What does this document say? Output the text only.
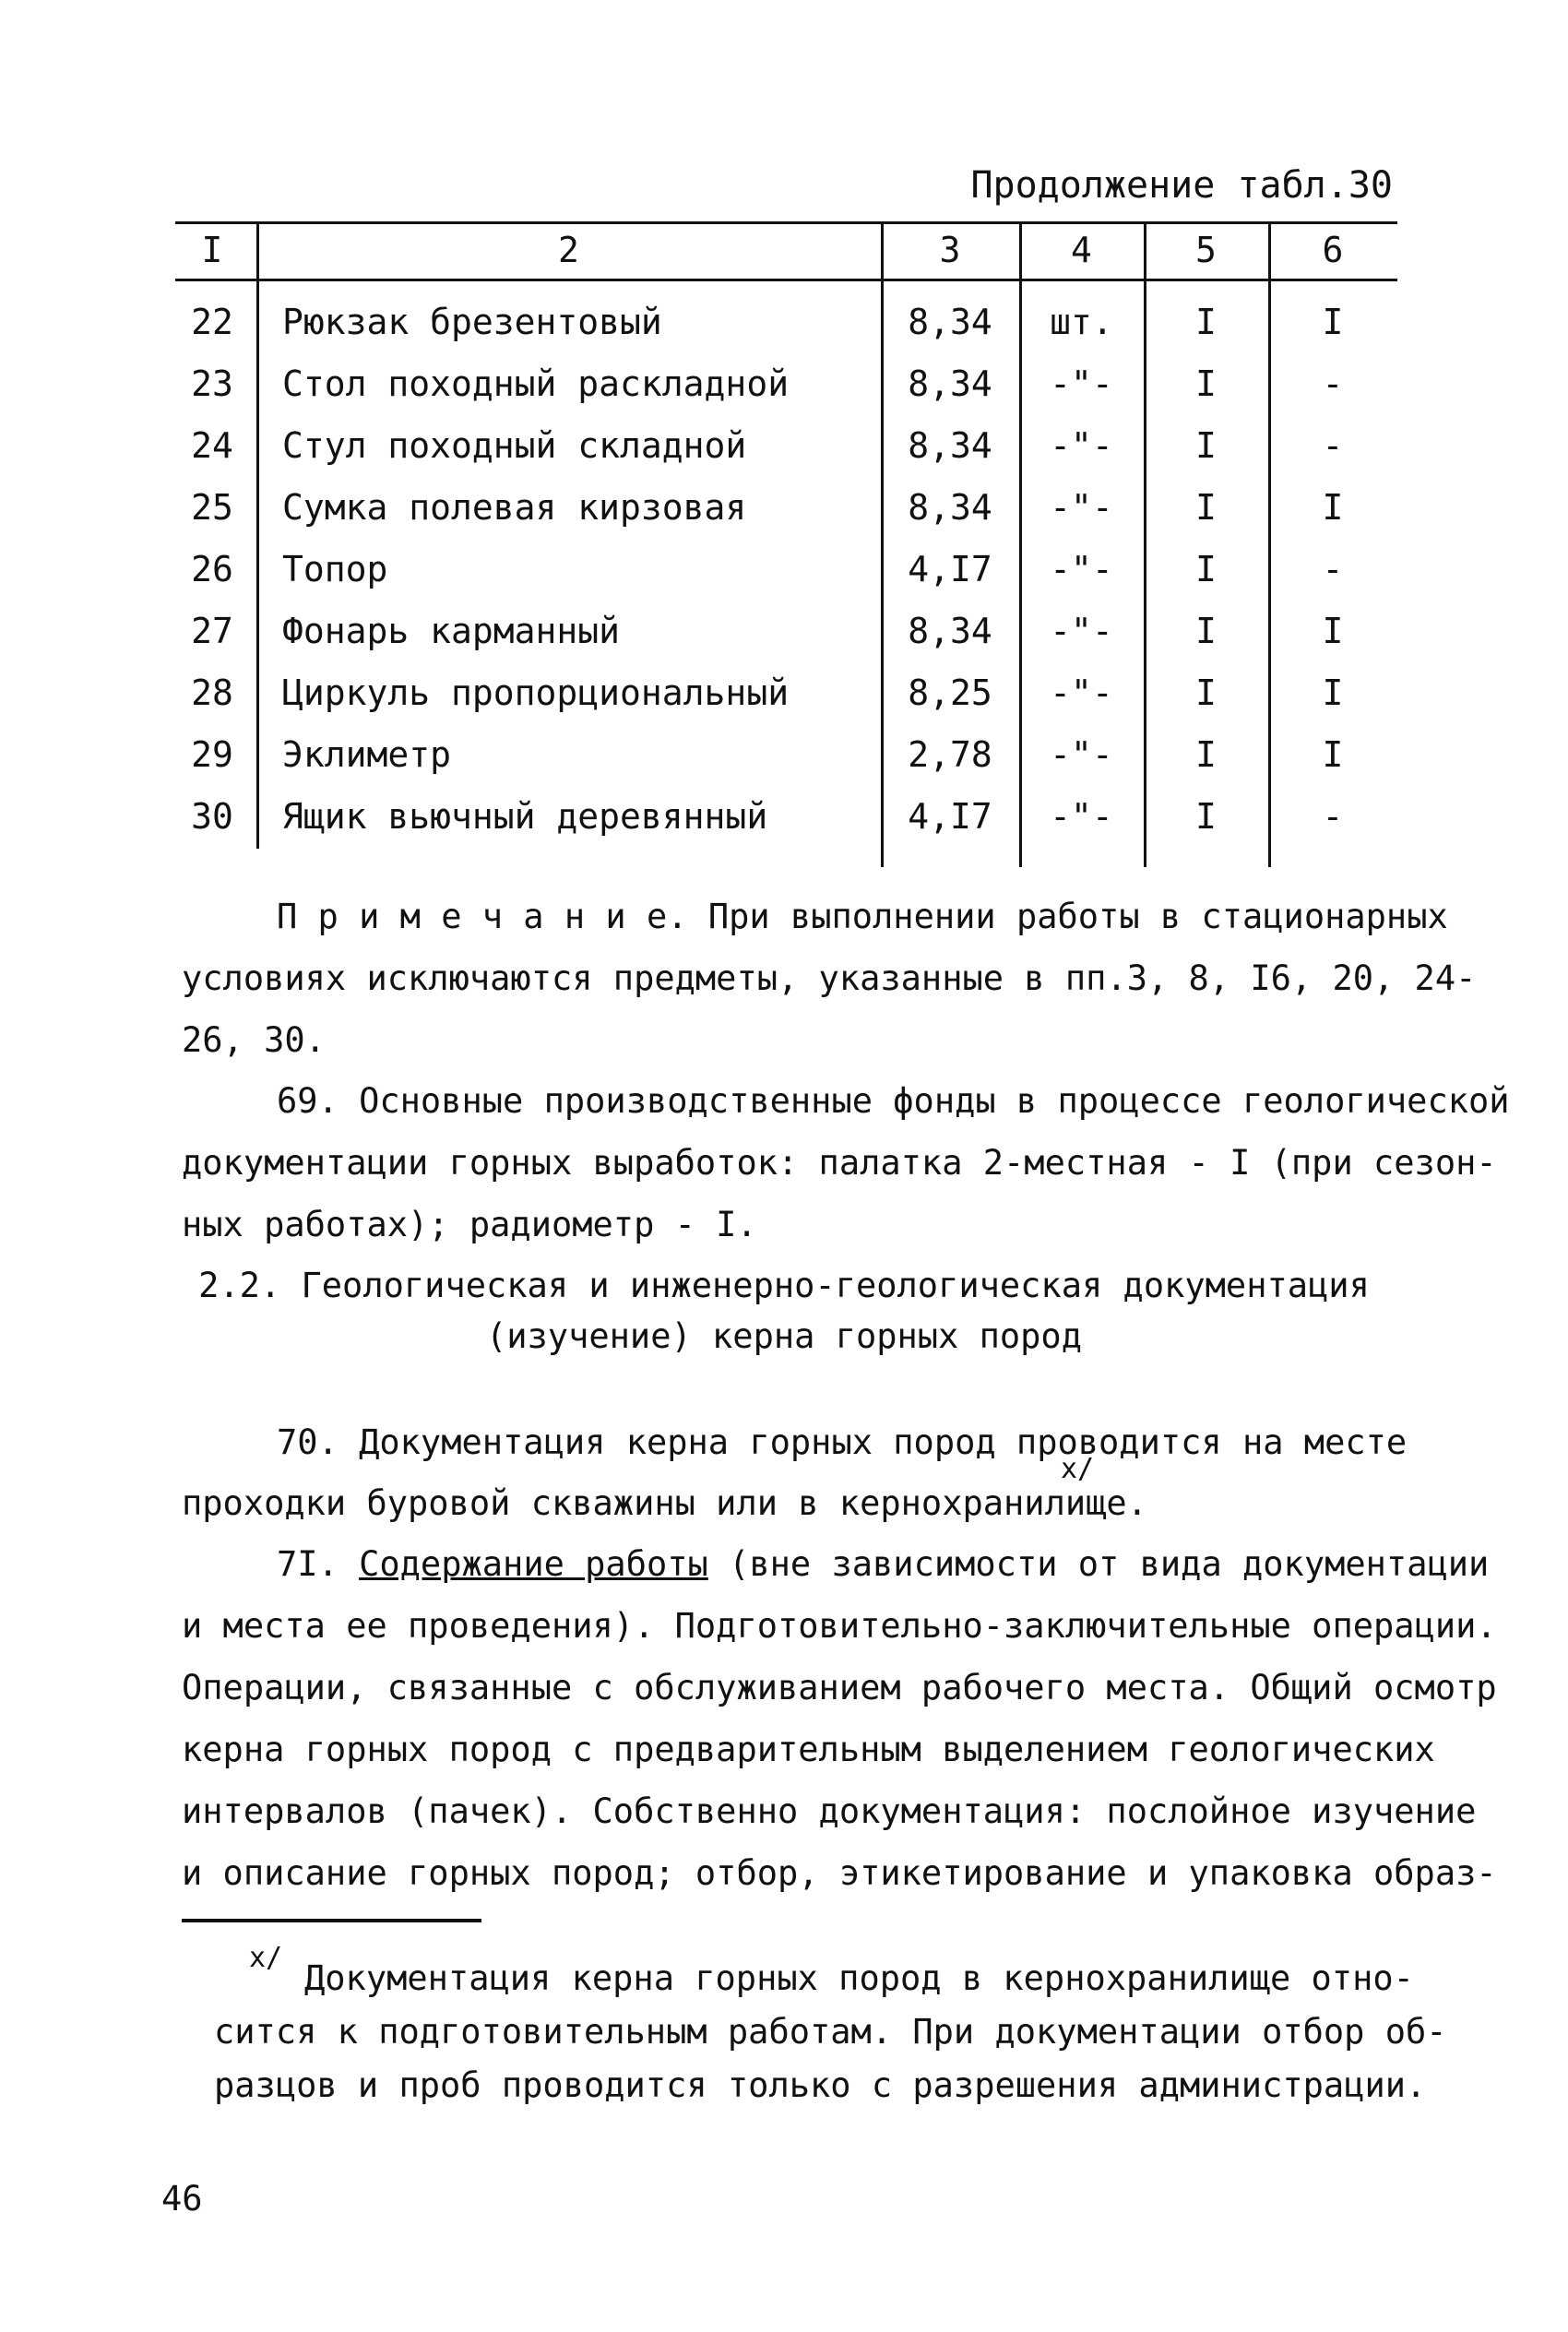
Продолжение табл.30
I	2	3	4	5	6
22	Рюкзак брезентовый	8,34	шт.	I	I
23	Стол походный раскладной	8,34	-"-	I	-
24	Стул походный складной	8,34	-"-	I	-
25	Сумка полевая кирзовая	8,34	-"-	I	I
26	Топор	4,I7	-"-	I	-
27	Фонарь карманный	8,34	-"-	I	I
28	Циркуль пропорциональный	8,25	-"-	I	I
29	Эклиметр	2,78	-"-	I	I
30	Ящик вьючный деревянный	4,I7	-"-	I	-
П р и м е ч а н и е. При выполнении работы в стационарных
условиях исключаются предметы, указанные в пп.3, 8, I6, 20, 24-
26, 30.
69. Основные производственные фонды в процессе геологической
документации горных выработок: палатка 2-местная - I (при сезон-
ных работах); радиометр - I.
2.2. Геологическая и инженерно-геологическая документация
(изучение) керна горных пород
70. Документация керна горных пород проводится на месте
проходки буровой скважины или в кернохранилище.
x/
7I. Содержание работы (вне зависимости от вида документации
и места ее проведения). Подготовительно-заключительные операции.
Операции, связанные с обслуживанием рабочего места. Общий осмотр
керна горных пород с предварительным выделением геологических
интервалов (пачек). Собственно документация: послойное изучение
и описание горных пород; отбор, этикетирование и упаковка образ-
x/
Документация керна горных пород в кернохранилище отно-
сится к подготовительным работам. При документации отбор об-
разцов и проб проводится только с разрешения администрации.
46
